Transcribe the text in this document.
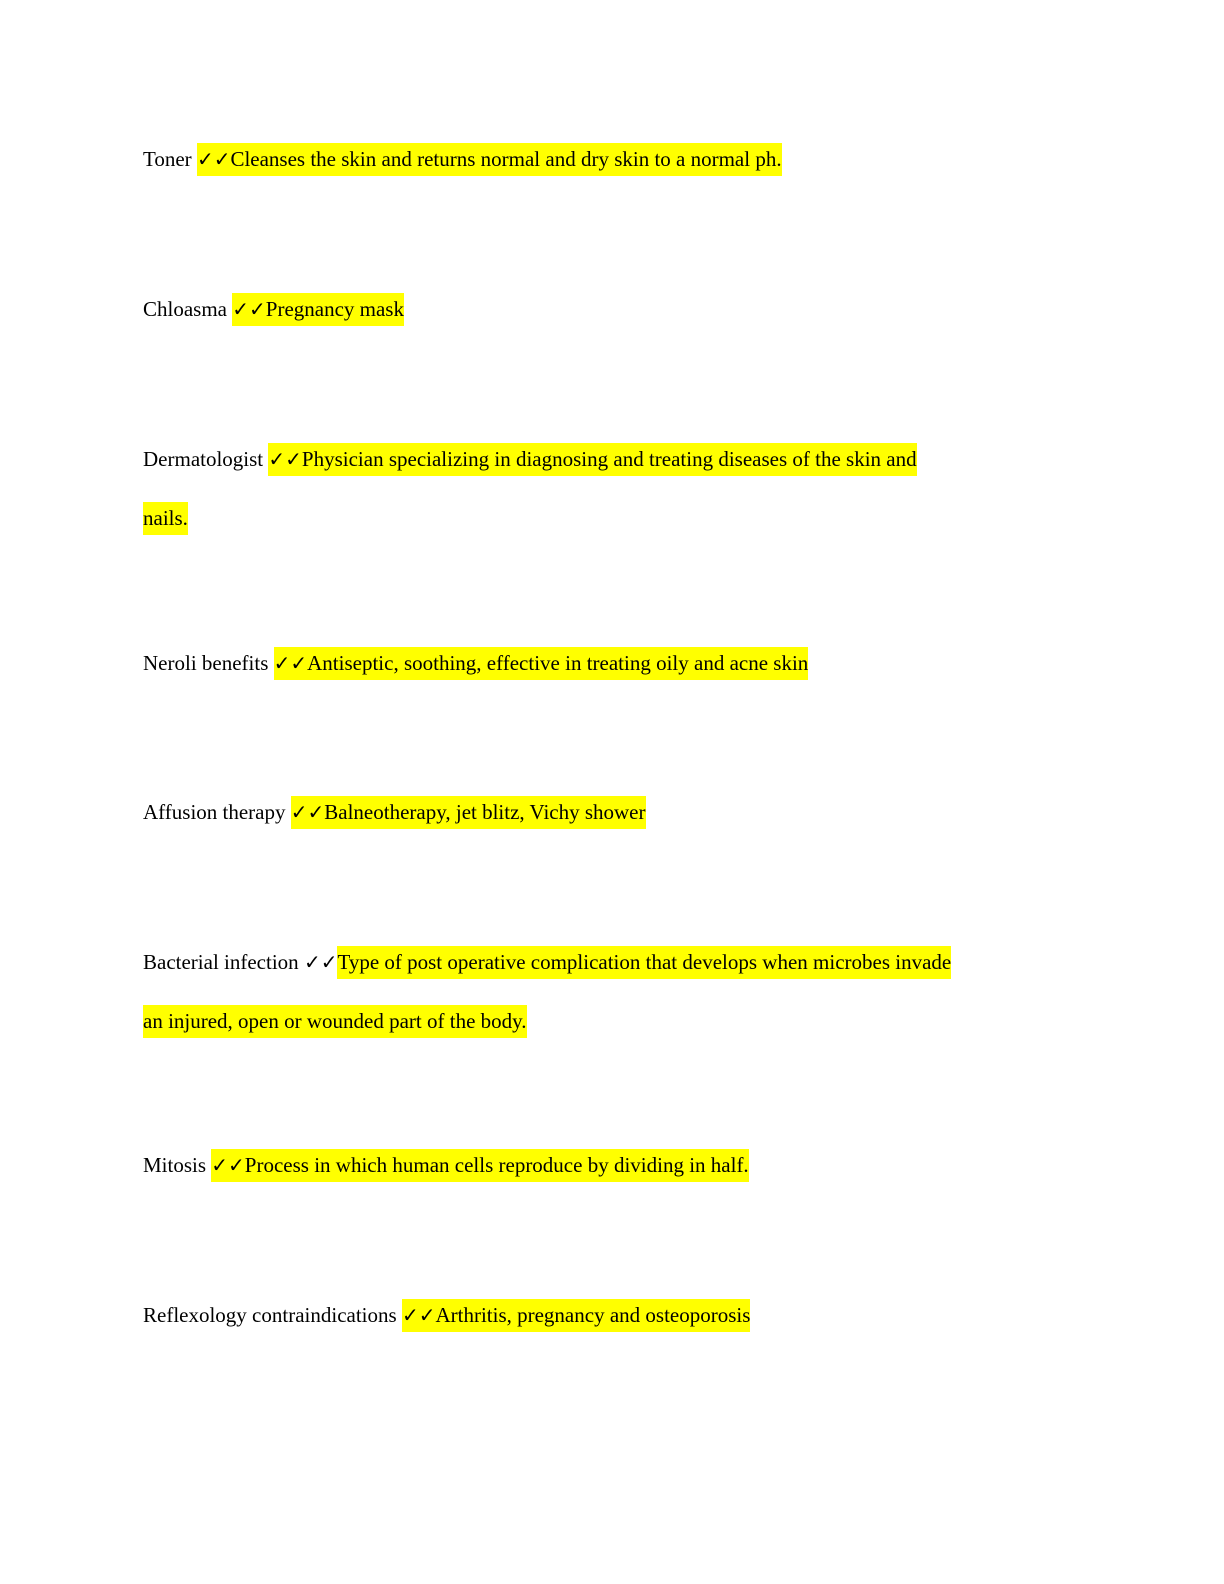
Toner ✓✓Cleanses the skin and returns normal and dry skin to a normal ph.
Chloasma ✓✓Pregnancy mask
Dermatologist ✓✓Physician specializing in diagnosing and treating diseases of the skin and
nails.
Neroli benefits ✓✓Antiseptic, soothing, effective in treating oily and acne skin
Affusion therapy ✓✓Balneotherapy, jet blitz, Vichy shower
Bacterial infection ✓✓Type of post operative complication that develops when microbes invade
an injured, open or wounded part of the body.
Mitosis ✓✓Process in which human cells reproduce by dividing in half.
Reflexology contraindications ✓✓Arthritis, pregnancy and osteoporosis
